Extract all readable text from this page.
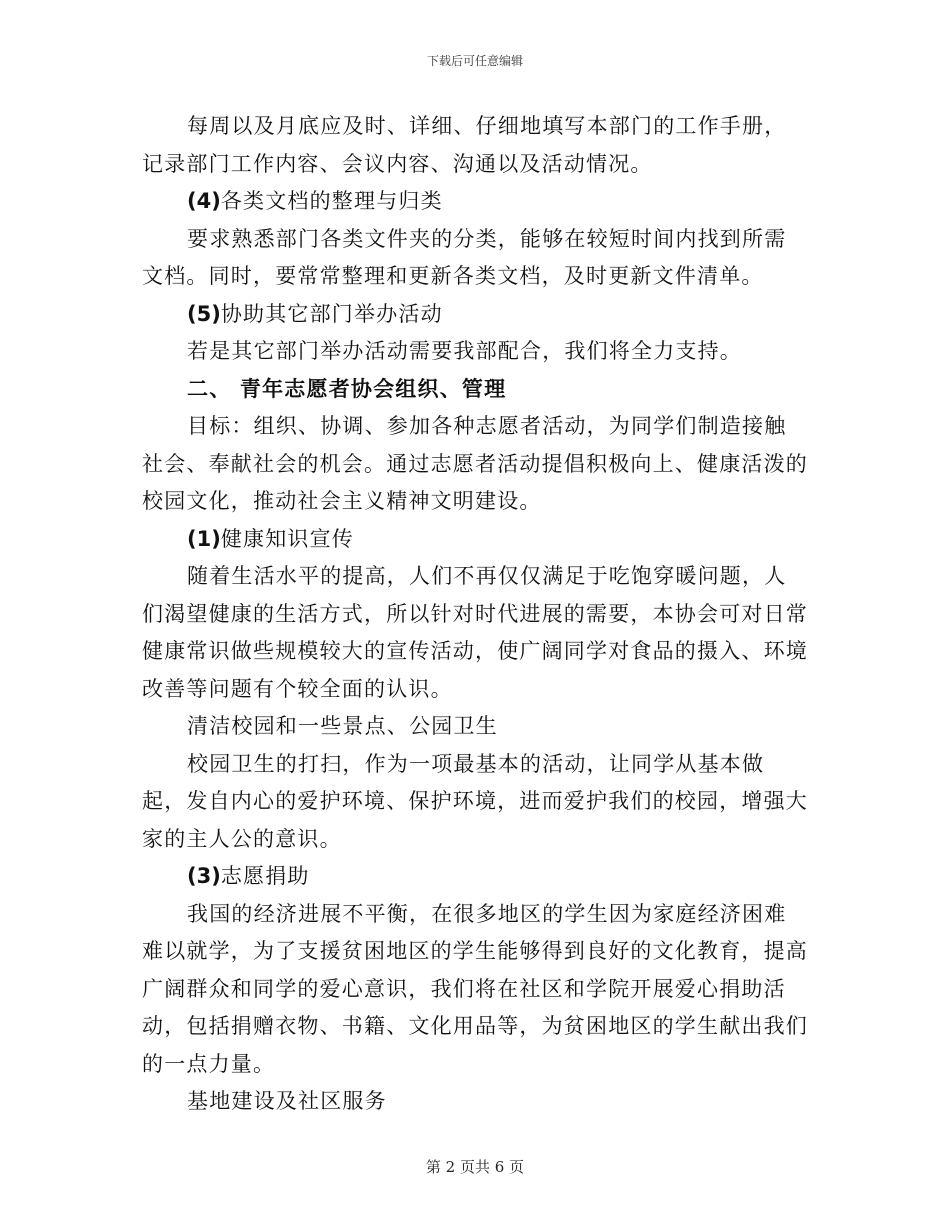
下载后可任意编辑

每周以及月底应及时、详细、仔细地填写本部门的工作手册，记录部门工作内容、会议内容、沟通以及活动情况。

(4)各类文档的整理与归类

要求熟悉部门各类文件夹的分类，能够在较短时间内找到所需文档。同时，要常常整理和更新各类文档，及时更新文件清单。

(5)协助其它部门举办活动

若是其它部门举办活动需要我部配合，我们将全力支持。

二、 青年志愿者协会组织、管理

目标：组织、协调、参加各种志愿者活动，为同学们制造接触社会、奉献社会的机会。通过志愿者活动提倡积极向上、健康活泼的校园文化，推动社会主义精神文明建设。

(1)健康知识宣传

随着生活水平的提高，人们不再仅仅满足于吃饱穿暖问题，人们渴望健康的生活方式，所以针对时代进展的需要，本协会可对日常健康常识做些规模较大的宣传活动，使广阔同学对食品的摄入、环境改善等问题有个较全面的认识。

清洁校园和一些景点、公园卫生

校园卫生的打扫，作为一项最基本的活动，让同学从基本做起，发自内心的爱护环境、保护环境，进而爱护我们的校园，增强大家的主人公的意识。

(3)志愿捐助

我国的经济进展不平衡，在很多地区的学生因为家庭经济困难难以就学，为了支援贫困地区的学生能够得到良好的文化教育，提高广阔群众和同学的爱心意识，我们将在社区和学院开展爱心捐助活动，包括捐赠衣物、书籍、文化用品等，为贫困地区的学生献出我们的一点力量。

基地建设及社区服务

第 2 页共 6 页
